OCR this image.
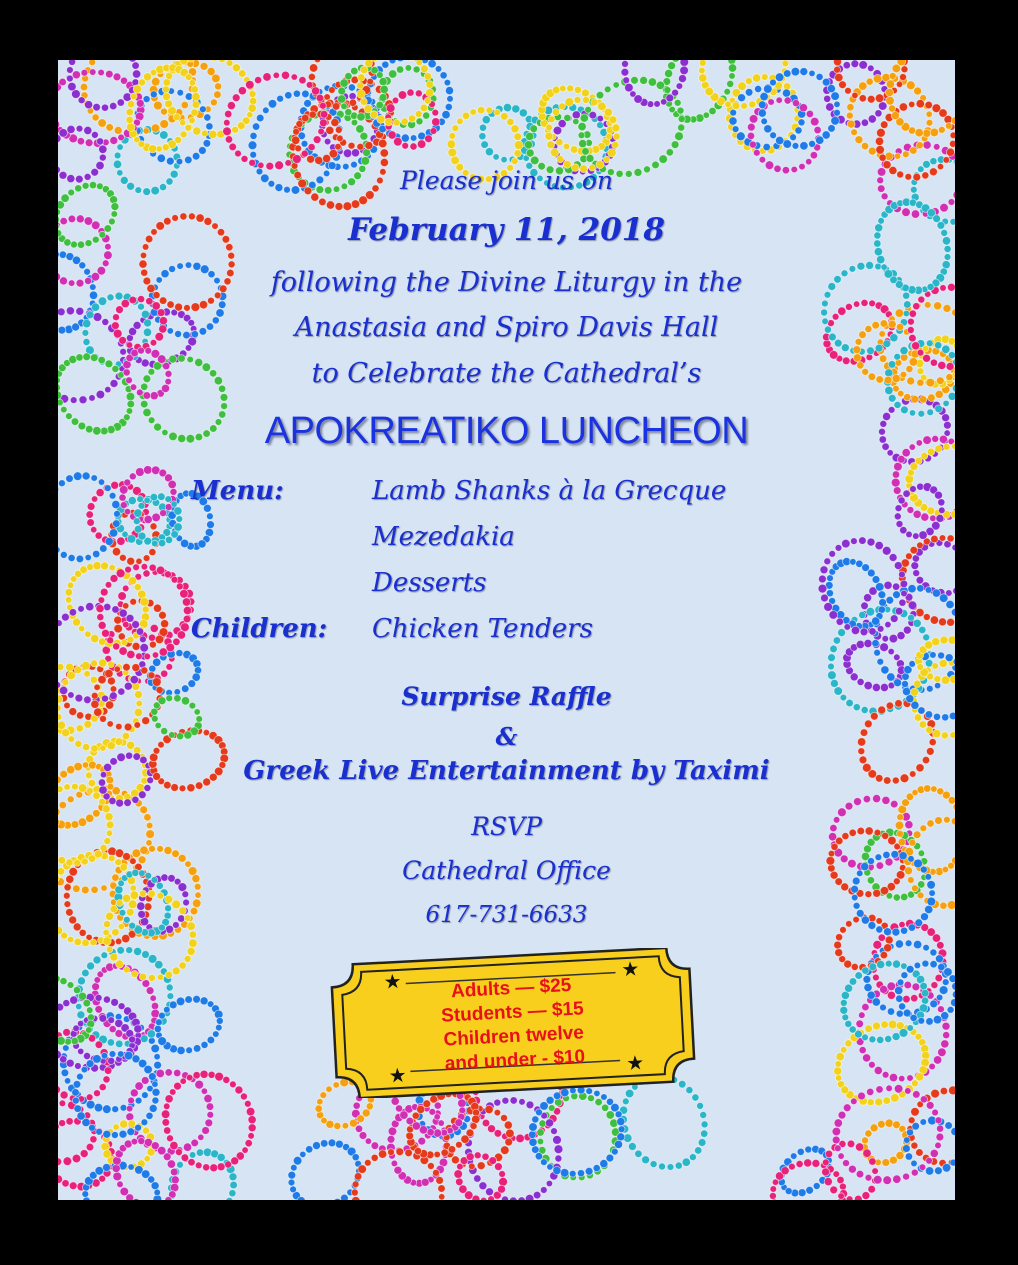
Please join us on
February 11, 2018
following the Divine Liturgy in the
Anastasia and Spiro Davis Hall
to Celebrate the Cathedral’s
APOKREATIKO LUNCHEON
Menu:	Lamb Shanks à la Grecque
Mezedakia
Desserts
Children: Chicken Tenders
Surprise Raffle
&
Greek Live Entertainment by Taximi
RSVP
Cathedral Office
617-731-6633
★
★
★
★
Adults — $25
Students — $15
Children twelve
and under - $10
